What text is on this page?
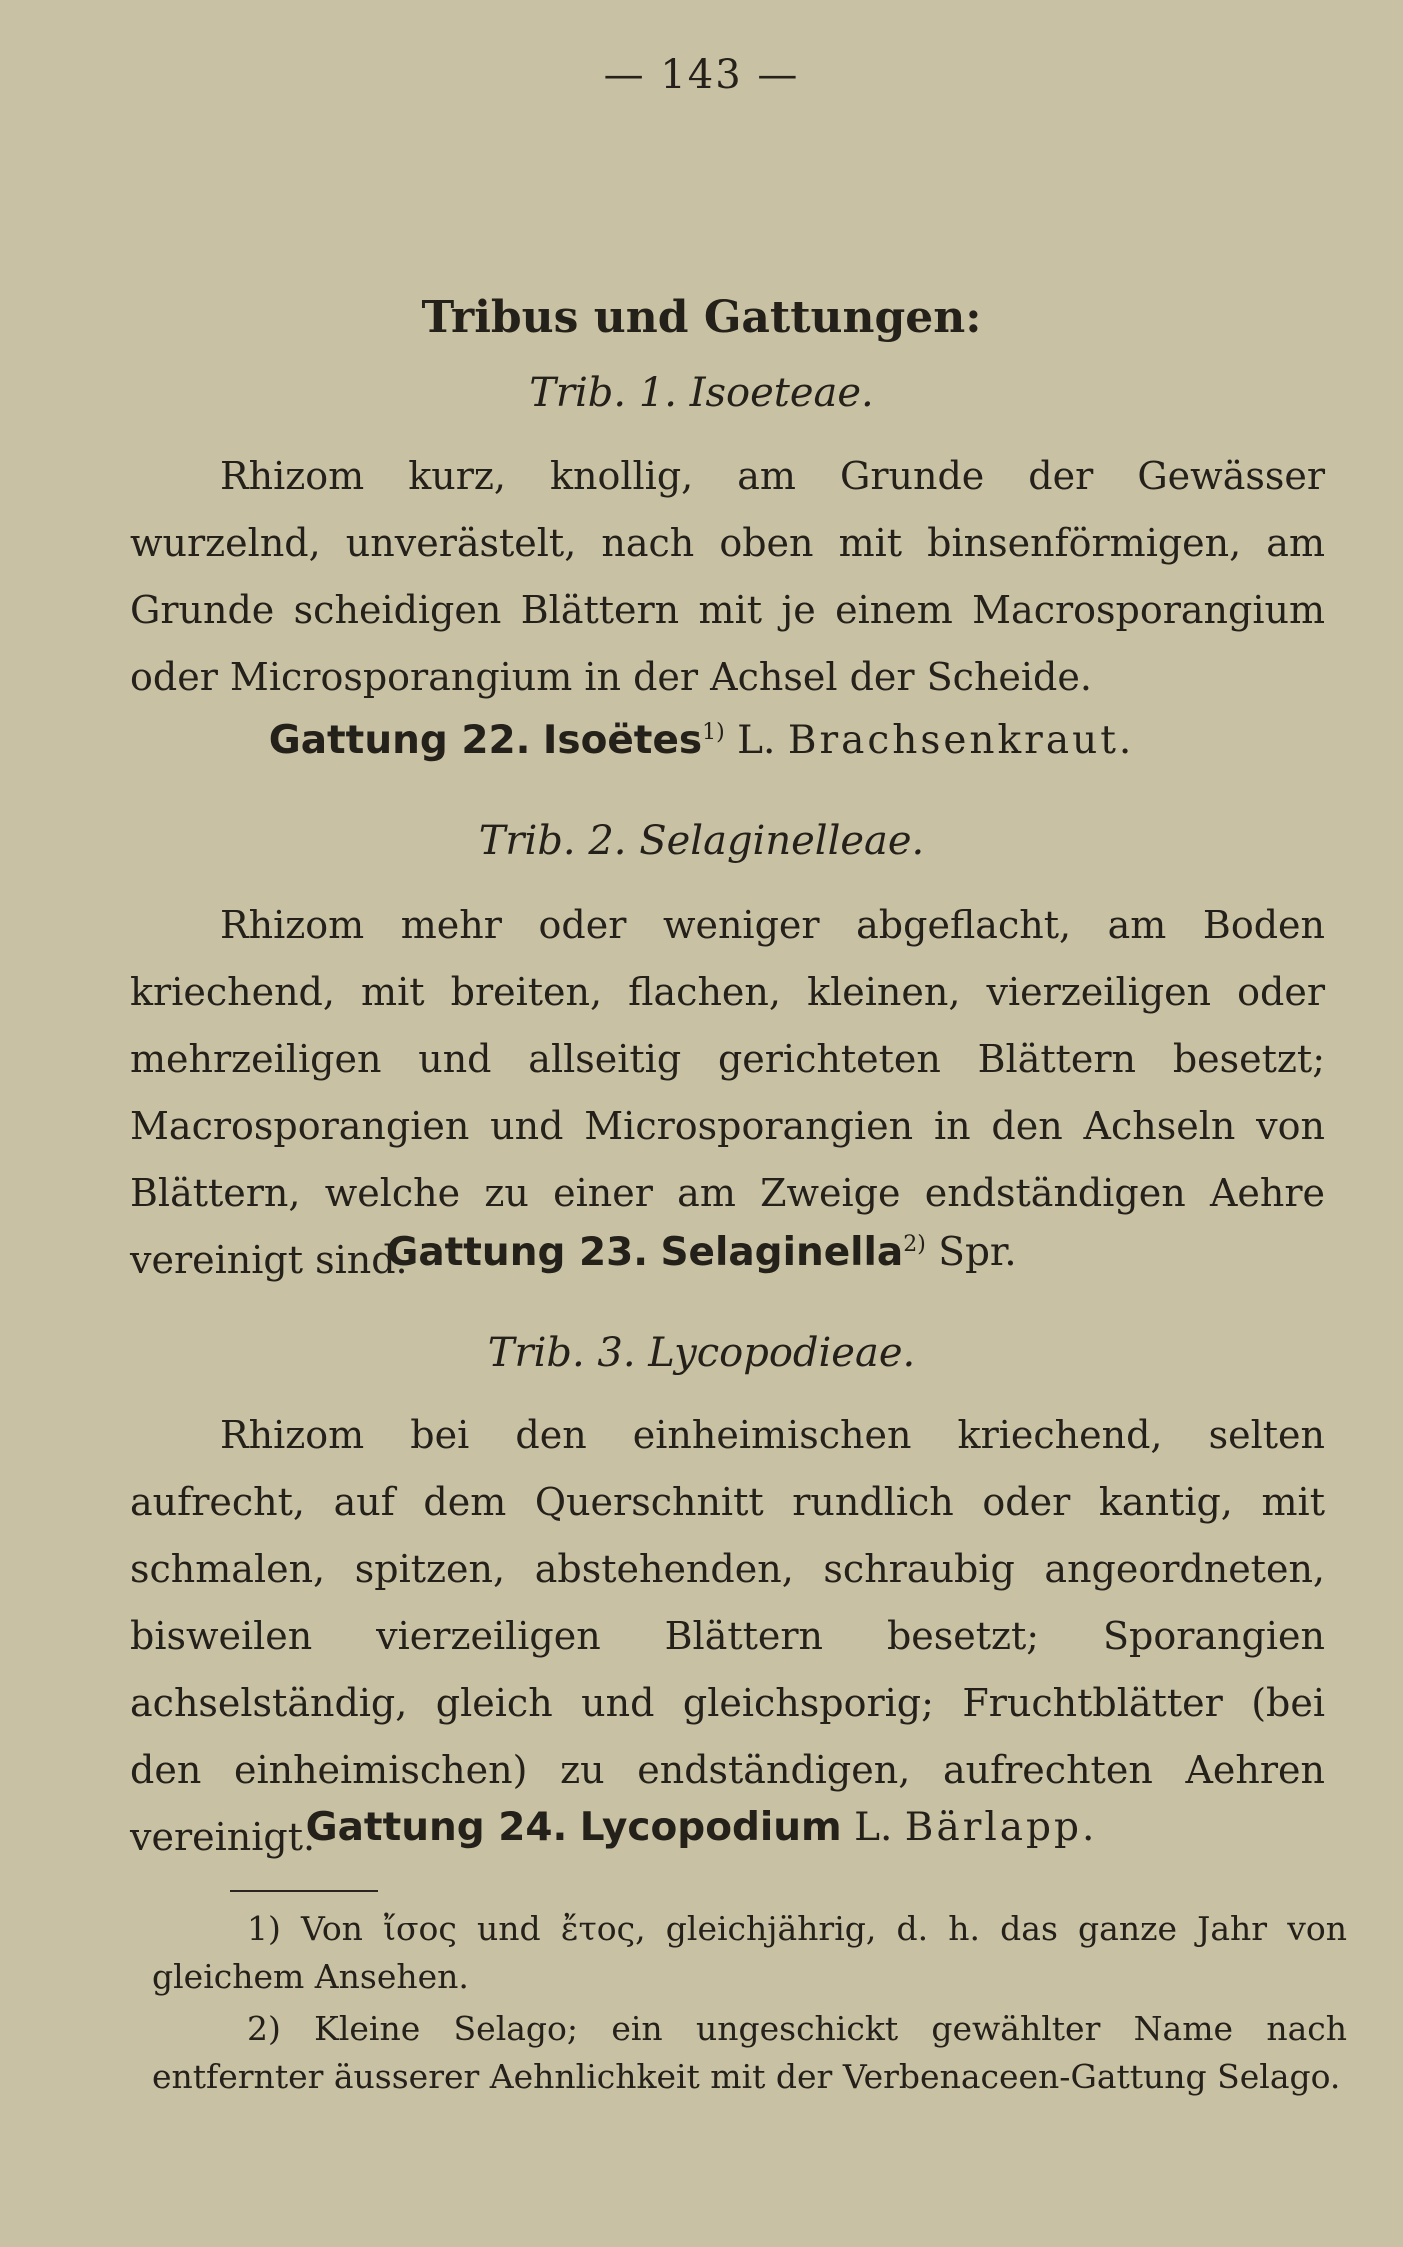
— 143 —
Tribus und Gattungen:
Trib. 1. Isoeteae.

Rhizom kurz, knollig, am Grunde der Gewässer wurzelnd, unverästelt, nach oben mit binsenförmigen, am Grunde scheidigen Blättern mit je einem Macrosporangium oder Microsporangium in der Achsel der Scheide.

Gattung 22. Isoëtes$^{1)}$ L. Brachsenkraut.
Trib. 2. Selaginelleae.

Rhizom mehr oder weniger abgeflacht, am Boden kriechend, mit breiten, flachen, kleinen, vierzeiligen oder mehrzeiligen und allseitig gerichteten Blättern besetzt; Macrosporangien und Microsporangien in den Achseln von Blättern, welche zu einer am Zweige endständigen Aehre vereinigt sind.

Gattung 23. Selaginella$^{2)}$ Spr.
Trib. 3. Lycopodieae.

Rhizom bei den einheimischen kriechend, selten aufrecht, auf dem Querschnitt rundlich oder kantig, mit schmalen, spitzen, abstehenden, schraubig angeordneten, bisweilen vierzeiligen Blättern besetzt; Sporangien achselständig, gleich und gleichsporig; Fruchtblätter (bei den einheimischen) zu endständigen, aufrechten Aehren vereinigt.

Gattung 24. Lycopodium L. Bärlapp.

1) Von ἴσος und ἔτος, gleichjährig, d. h. das ganze Jahr von gleichem Ansehen.

2) Kleine Selago; ein ungeschickt gewählter Name nach entfernter äusserer Aehnlichkeit mit der Verbenaceen-Gattung Selago.
